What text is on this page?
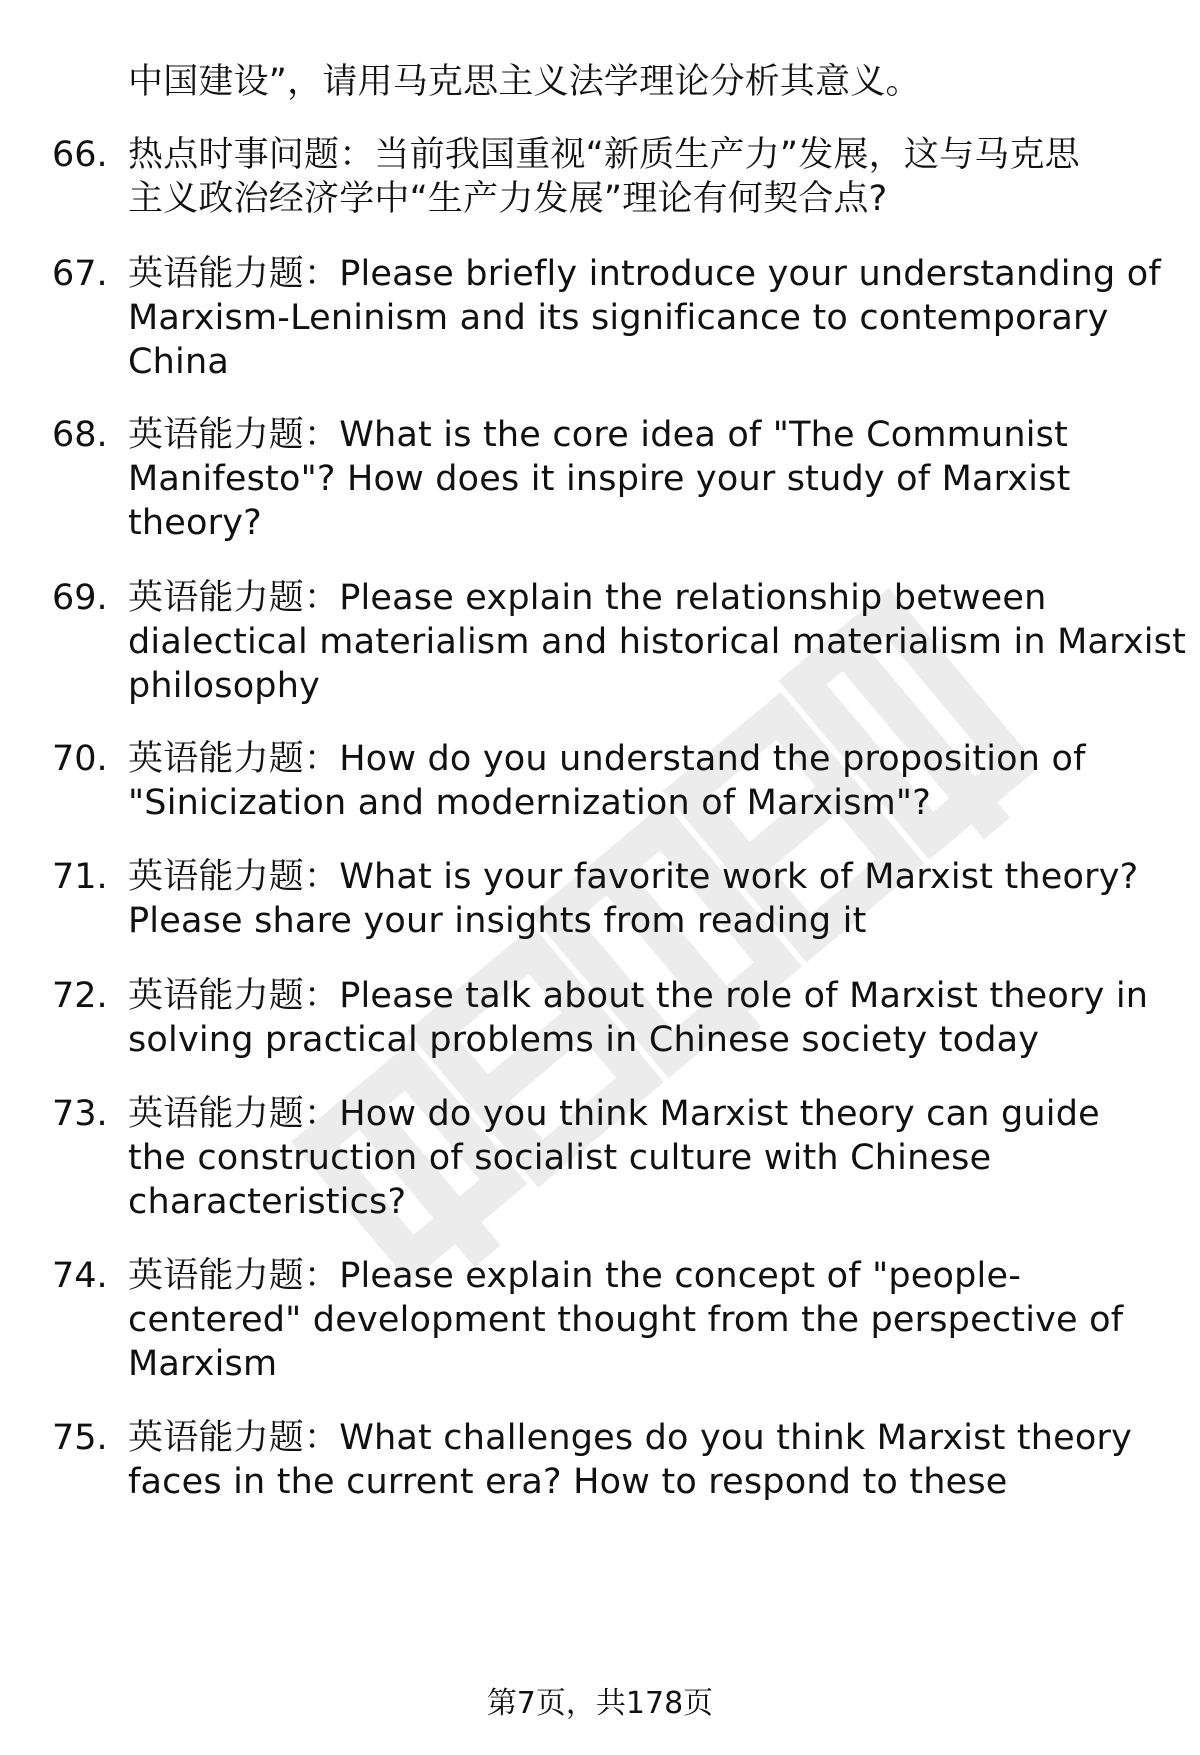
中国建设”，请用马克思主义法学理论分析其意义。
66. 热点时事问题：当前我国重视“新质生产力”发展，这与马克思
主义政治经济学中“生产力发展”理论有何契合点?
67. 英语能力题：Please briefly introduce your understanding of
Marxism-Leninism and its significance to contemporary
China
68. 英语能力题：What is the core idea of "The Communist
Manifesto"? How does it inspire your study of Marxist
theory?
69. 英语能力题：Please explain the relationship between
dialectical materialism and historical materialism in Marxist
philosophy
70. 英语能力题：How do you understand the proposition of
"Sinicization and modernization of Marxism"?
71. 英语能力题：What is your favorite work of Marxist theory?
Please share your insights from reading it
72. 英语能力题：Please talk about the role of Marxist theory in
solving practical problems in Chinese society today
73. 英语能力题：How do you think Marxist theory can guide
the construction of socialist culture with Chinese
characteristics?
74. 英语能力题：Please explain the concept of "people-
centered" development thought from the perspective of
Marxism
75. 英语能力题：What challenges do you think Marxist theory
faces in the current era? How to respond to these
第7页，共178页
